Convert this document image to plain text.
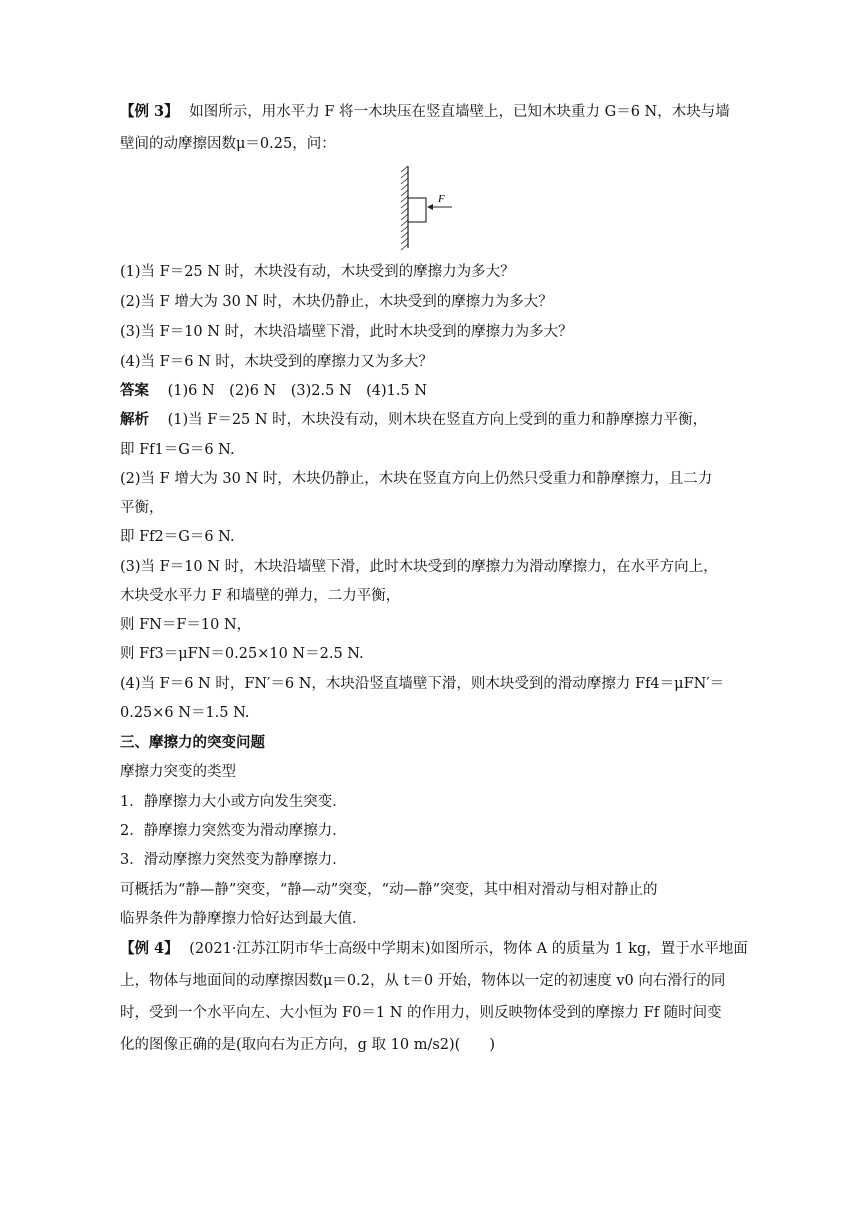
【例 3】 如图所示，用水平力 F 将一木块压在竖直墙壁上，已知木块重力 G＝6 N，木块与墙
壁间的动摩擦因数μ＝0.25，问：
F
(1)当 F＝25 N 时，木块没有动，木块受到的摩擦力为多大？
(2)当 F 增大为 30 N 时，木块仍静止，木块受到的摩擦力为多大？
(3)当 F＝10 N 时，木块沿墙壁下滑，此时木块受到的摩擦力为多大？
(4)当 F＝6 N 时，木块受到的摩擦力又为多大？
答案 (1)6 N　(2)6 N　(3)2.5 N　(4)1.5 N
解析 (1)当 F＝25 N 时，木块没有动，则木块在竖直方向上受到的重力和静摩擦力平衡，
即 Ff1＝G＝6 N.
(2)当 F 增大为 30 N 时，木块仍静止，木块在竖直方向上仍然只受重力和静摩擦力，且二力
平衡，
即 Ff2＝G＝6 N.
(3)当 F＝10 N 时，木块沿墙壁下滑，此时木块受到的摩擦力为滑动摩擦力，在水平方向上，
木块受水平力 F 和墙壁的弹力，二力平衡，
则 FN＝F＝10 N，
则 Ff3＝μFN＝0.25×10 N＝2.5 N.
(4)当 F＝6 N 时，FN′＝6 N，木块沿竖直墙壁下滑，则木块受到的滑动摩擦力 Ff4＝μFN′＝
0.25×6 N＝1.5 N.
三、摩擦力的突变问题
摩擦力突变的类型
1．静摩擦力大小或方向发生突变．
2．静摩擦力突然变为滑动摩擦力．
3．滑动摩擦力突然变为静摩擦力．
可概括为“静—静”突变，“静—动”突变，“动—静”突变，其中相对滑动与相对静止的
临界条件为静摩擦力恰好达到最大值．
【例 4】 (2021·江苏江阴市华士高级中学期末)如图所示，物体 A 的质量为 1 kg，置于水平地面
上，物体与地面间的动摩擦因数μ＝0.2，从 t＝0 开始，物体以一定的初速度 v0 向右滑行的同
时，受到一个水平向左、大小恒为 F0＝1 N 的作用力，则反映物体受到的摩擦力 Ff 随时间变
化的图像正确的是(取向右为正方向，g 取 10 m/s2)(　　)
